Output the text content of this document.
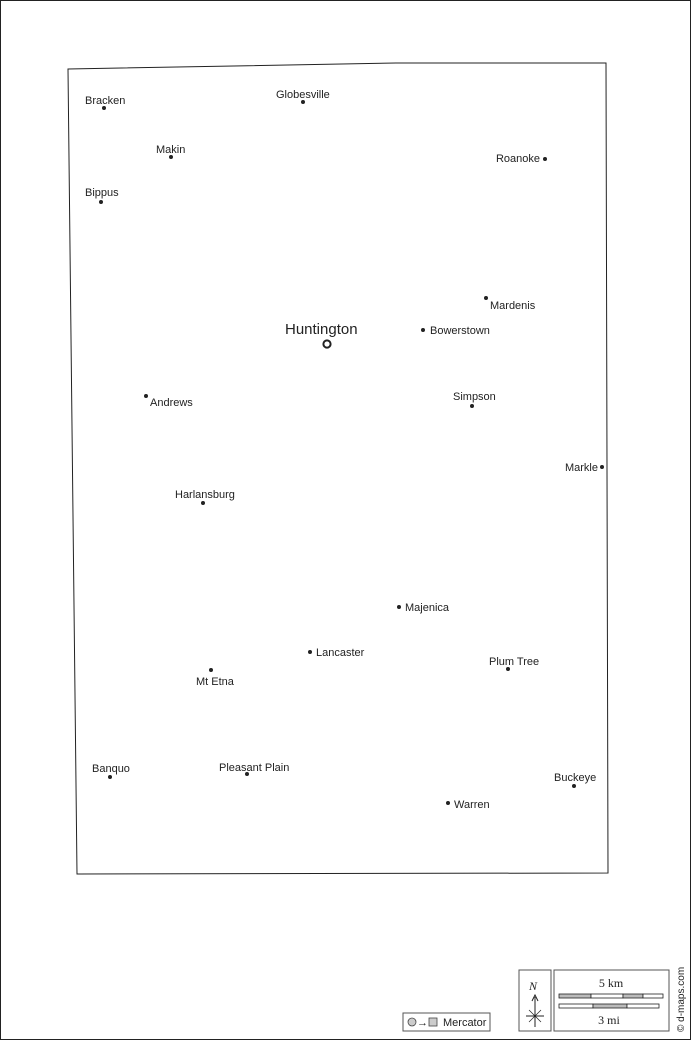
Bracken	Globesville
Makin
Roanoke
Bippus
Mardenis
Bowerstown
Andrews	Simpson
Markle
Harlansburg
Majenica
Lancaster
Plum Tree
Mt Etna
Banquo	Pleasant Plain
Buckeye
Warren
Huntington
N	5 km
3 mi
→ Mercator	© d-maps.com
